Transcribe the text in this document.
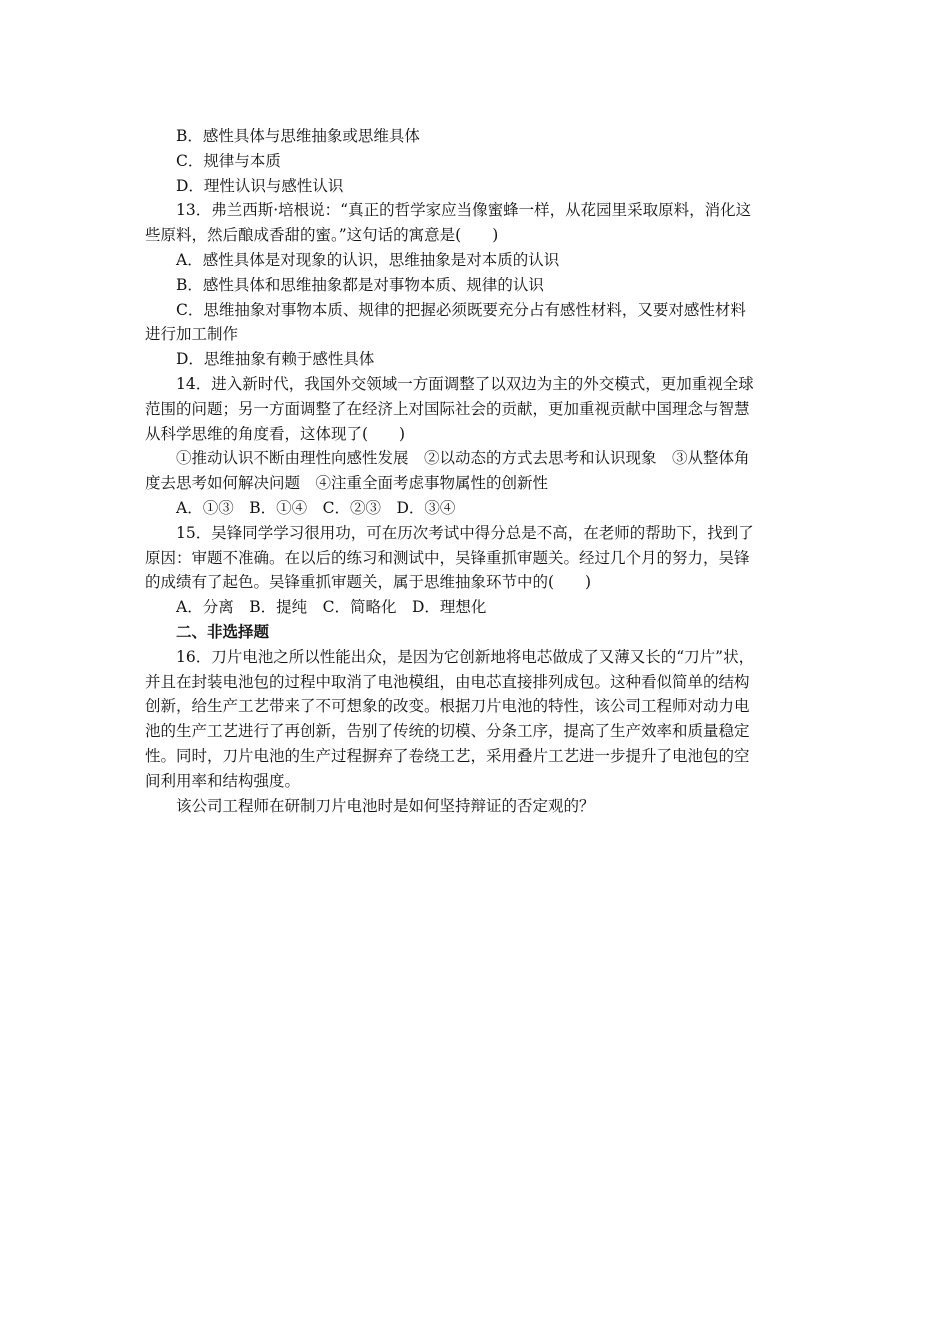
B．感性具体与思维抽象或思维具体
C．规律与本质
D．理性认识与感性认识
13．弗兰西斯·培根说：“真正的哲学家应当像蜜蜂一样，从花园里采取原料，消化这
些原料，然后酿成香甜的蜜。”这句话的寓意是(　　)
A．感性具体是对现象的认识，思维抽象是对本质的认识
B．感性具体和思维抽象都是对事物本质、规律的认识
C．思维抽象对事物本质、规律的把握必须既要充分占有感性材料，又要对感性材料
进行加工制作
D．思维抽象有赖于感性具体
14．进入新时代，我国外交领域一方面调整了以双边为主的外交模式，更加重视全球
范围的问题；另一方面调整了在经济上对国际社会的贡献，更加重视贡献中国理念与智慧
从科学思维的角度看，这体现了(　　)
①推动认识不断由理性向感性发展　②以动态的方式去思考和认识现象　③从整体角
度去思考如何解决问题　④注重全面考虑事物属性的创新性
A．①③　B．①④　C．②③　D．③④
15．吴锋同学学习很用功，可在历次考试中得分总是不高，在老师的帮助下，找到了
原因：审题不准确。在以后的练习和测试中，吴锋重抓审题关。经过几个月的努力，吴锋
的成绩有了起色。吴锋重抓审题关，属于思维抽象环节中的(　　)
A．分离　B．提纯　C．简略化　D．理想化
二、非选择题
16．刀片电池之所以性能出众，是因为它创新地将电芯做成了又薄又长的“刀片”状，
并且在封装电池包的过程中取消了电池模组，由电芯直接排列成包。这种看似简单的结构
创新，给生产工艺带来了不可想象的改变。根据刀片电池的特性，该公司工程师对动力电
池的生产工艺进行了再创新，告别了传统的切模、分条工序，提高了生产效率和质量稳定
性。同时，刀片电池的生产过程摒弃了卷绕工艺，采用叠片工艺进一步提升了电池包的空
间利用率和结构强度。
该公司工程师在研制刀片电池时是如何坚持辩证的否定观的？
